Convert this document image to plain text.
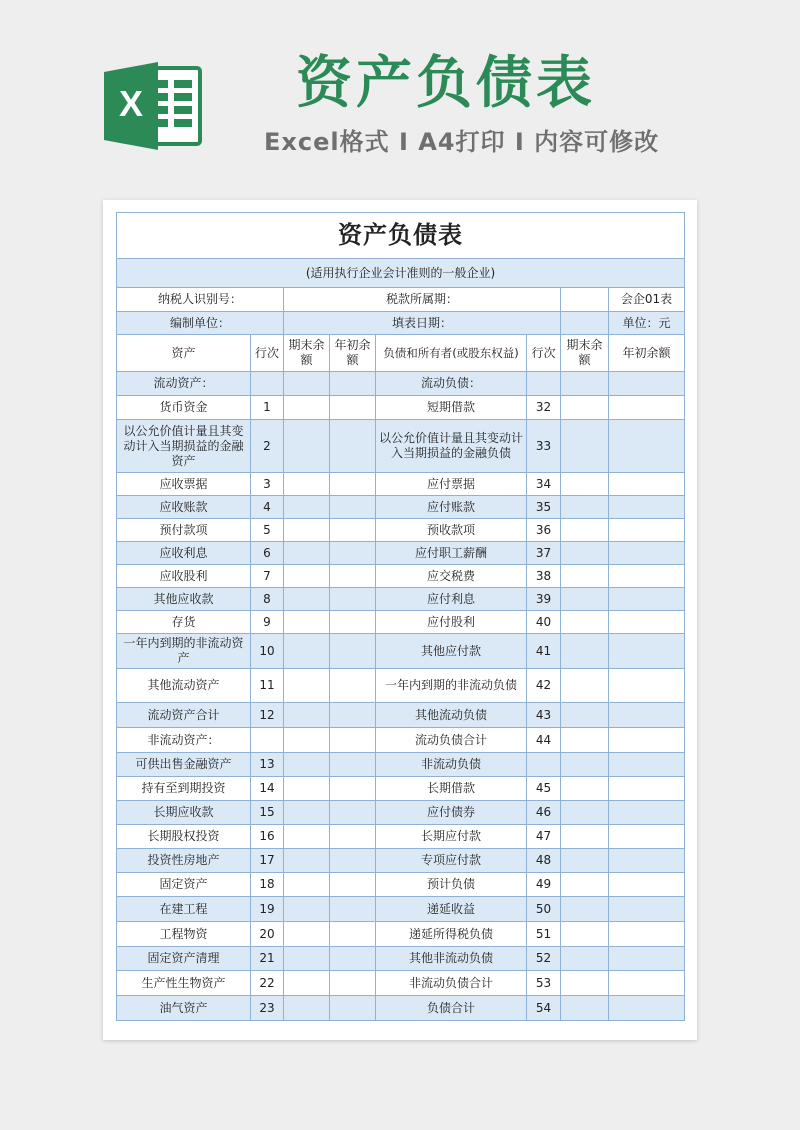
X	资产负债表
Excel格式 I A4打印 I 内容可修改
资产负债表							
(适用执行企业会计准则的一般企业)							
纳税人识别号：		税款所属期：					会企01表
编制单位：		填表日期：					单位：元
资产	行次	期末余额	年初余额	负债和所有者(或股东权益)	行次	期末余额	年初余额
流动资产：				流动负债：			
货币资金	1			短期借款	32		
以公允价值计量且其变动计入当期损益的金融资产	2			以公允价值计量且其变动计入当期损益的金融负债	33		
应收票据	3			应付票据	34		
应收账款	4			应付账款	35		
预付款项	5			预收款项	36		
应收利息	6			应付职工薪酬	37		
应收股利	7			应交税费	38		
其他应收款	8			应付利息	39		
存货	9			应付股利	40		
一年内到期的非流动资产	10			其他应付款	41		
其他流动资产	11			一年内到期的非流动负债	42		
流动资产合计	12			其他流动负债	43		
非流动资产：				流动负债合计	44		
可供出售金融资产	13			非流动负债			
持有至到期投资	14			长期借款	45		
长期应收款	15			应付债券	46		
长期股权投资	16			长期应付款	47		
投资性房地产	17			专项应付款	48		
固定资产	18			预计负债	49		
在建工程	19			递延收益	50		
工程物资	20			递延所得税负债	51		
固定资产清理	21			其他非流动负债	52		
生产性生物资产	22			非流动负债合计	53		
油气资产	23			负债合计	54		
